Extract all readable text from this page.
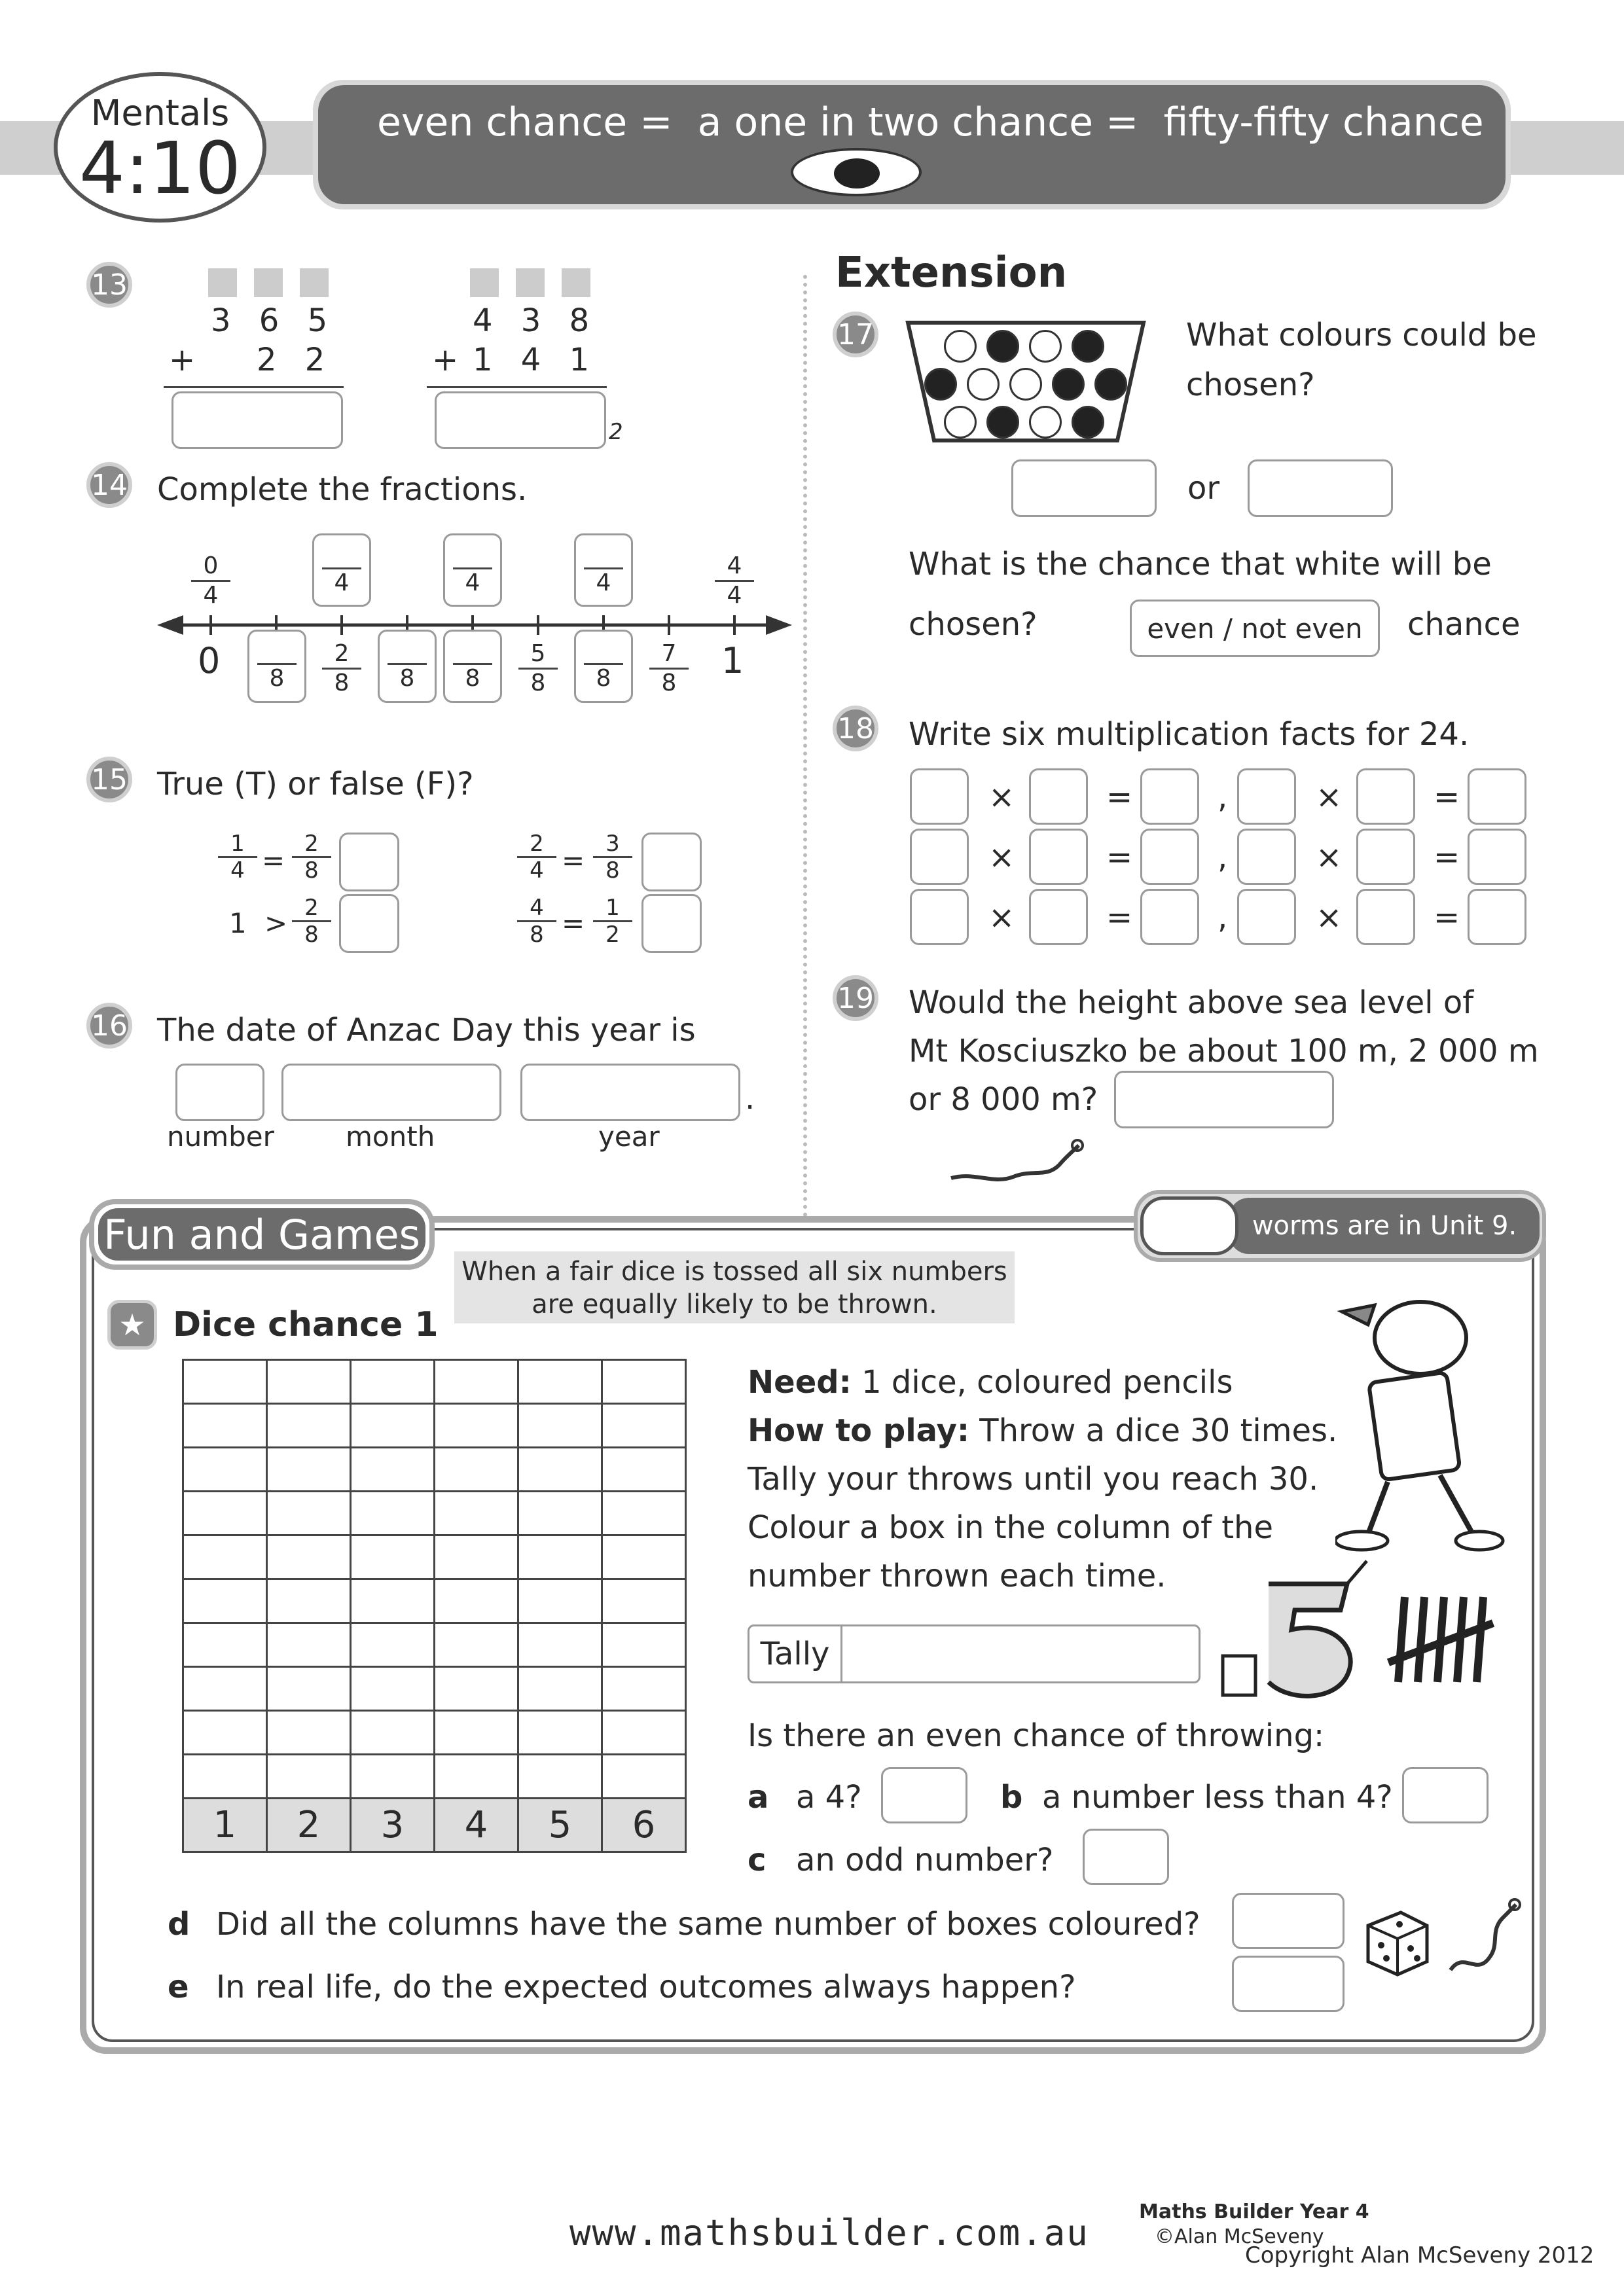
Mentals
4:10
even chance =  a one in two chance =  fifty-fifty chance
13
3 6 5
+ 2 2
4 3 8
+ 1 4 1
2
14 Complete the fractions.
$\frac{0}{4}$	4	4	4	$\frac{4}{4}$
0	1
8	$\frac{2}{8}$	8	8	$\frac{5}{8}$	8	$\frac{7}{8}$
15 True (T) or false (F)?
$\frac{1}{4} = \frac{2}{8}$	$\frac{2}{4} = \frac{3}{8}$
$1 > \frac{2}{8}$	$\frac{4}{8} = \frac{1}{2}$
16 The date of Anzac Day this year is
.
number	month	year
Extension
17	What colours could be chosen?
or
What is the chance that white will be
chosen?	even / not even chance
18 Write six multiplication facts for 24.
×	=	,	×	=
×	=	,	×	=
×	=	,	×	=
19 Would the height above sea level of
Mt Kosciuszko be about 100 m, 2 000 m
or 8 000 m?
Fun and Games	worms are in Unit 9.
When a fair dice is tossed all six numbers
are equally likely to be thrown.
★ Dice chance 1

1	2	3	4	5	6
Need: 1 dice, coloured pencils
How to play: Throw a dice 30 times.
Tally your throws until you reach 30.
Colour a box in the column of the
number thrown each time.
Tally
Is there an even chance of throwing:
a a 4?	b a number less than 4?
c an odd number?
d Did all the columns have the same number of boxes coloured?
e In real life, do the expected outcomes always happen?
www.mathsbuilder.com.au
Maths Builder Year 4
©Alan McSeveny
Copyright Alan McSeveny 2012
